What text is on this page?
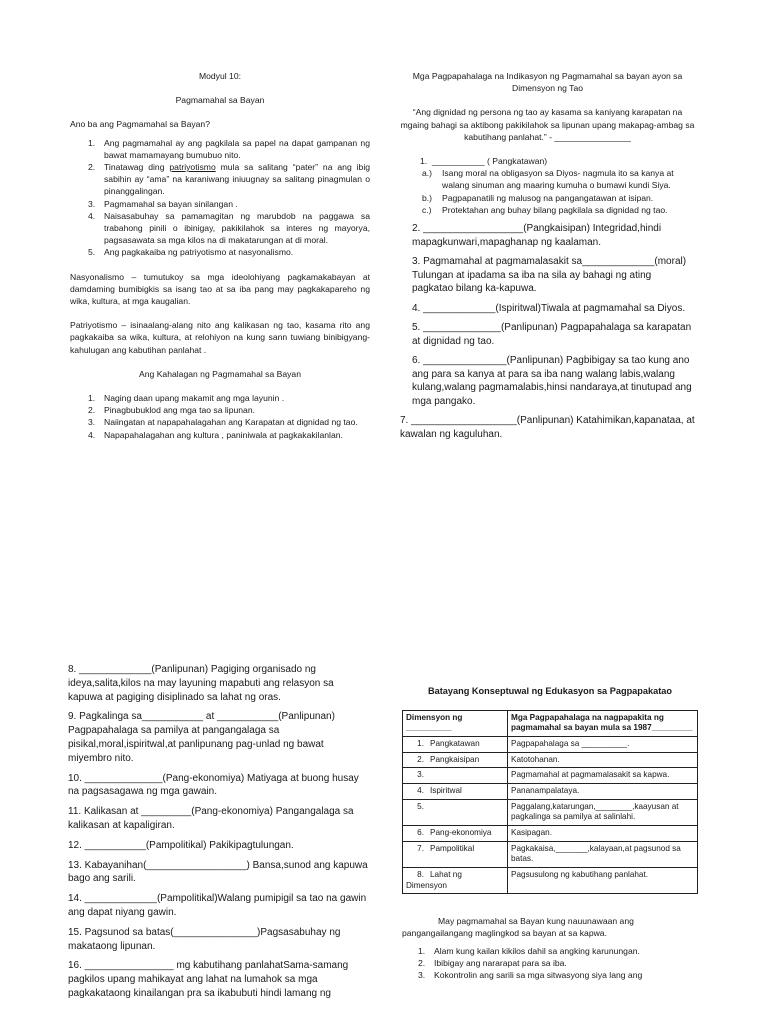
Modyul 10:

Pagmamahal sa Bayan

Ano ba ang Pagmamahal sa Bayan?

1. Ang pagmamahal ay ang pagkilala sa papel na dapat gampanan ng bawat mamamayang bumubuo nito.
2. Tinatawag ding patriyotismo mula sa salitang “pater” na ang ibig sabihin ay “ama” na karaniwang iniuugnay sa salitang pinagmulan o pinanggalingan.
3. Pagmamahal sa bayan sinilangan .
4. Naisasabuhay sa pamamagitan ng marubdob na paggawa sa trabahong pinili o ibinigay, pakikilahok sa interes ng mayorya, pagsasawata sa mga kilos na di makatarungan at di moral.
5. Ang pagkakaiba ng patriyotismo at nasyonalismo.

Nasyonalismo – tumutukoy sa mga ideolohiyang pagkamakabayan at damdaming bumibigkis sa isang tao at sa iba pang may pagkakapareho ng wika, kultura, at mga kaugalian.

Patriyotismo – isinaalang-alang nito ang kalikasan ng tao, kasama rito ang pagkakaiba sa wika, kultura, at relohiyon na kung sann tuwiang binibigyang-kahulugan ang kabutihan panlahat .

Ang Kahalagan ng Pagmamahal sa Bayan

1. Naging daan upang makamit ang mga layunin .
2. Pinagbubuklod ang mga tao sa lipunan.
3. Naiingatan at napapahalagahan ang Karapatan at dignidad ng tao.
4. Napapahalagahan ang kultura , paniniwala at pagkakakilanlan.

Mga Pagpapahalaga na Indikasyon ng Pagmamahal sa bayan ayon sa Dimensyon ng Tao

“Ang dignidad ng persona ng tao ay kasama sa kaniyang karapatan na mgaing bahagi sa aktibong pakikilahok sa lipunan upang makapag-ambag sa kabutihang panlahat.” - ________________

1. ___________ ( Pangkatawan)
a.) Isang moral na obligasyon sa Diyos- nagmula ito sa kanya at walang sinuman ang maaring kumuha o bumawi kundi Siya.
b.) Pagpapanatili ng malusog na pangangatawan at isipan.
c.) Protektahan ang buhay bilang pagkilala sa dignidad ng tao.

2. __________________(Pangkaisipan) Integridad,hindi mapagkunwari,mapaghanap ng kaalaman.

3. Pagmamahal at pagmamalasakit sa_____________(moral) Tulungan at ipadama sa iba na sila ay bahagi ng ating pagkatao bilang ka-kapuwa.

4. _____________(Ispiritwal)Tiwala at pagmamahal sa Diyos.

5. ______________(Panlipunan) Pagpapahalaga sa karapatan at dignidad ng tao.

6. _______________(Panlipunan) Pagbibigay sa tao kung ano ang para sa kanya at para sa iba nang walang labis,walang kulang,walang pagmamalabis,hinsi nandaraya,at tinutupad ang mga pangako.

7. ___________________(Panlipunan) Katahimikan,kapanataa, at kawalan ng kaguluhan.

8. _____________(Panlipunan) Pagiging organisado ng ideya,salita,kilos na may layuning mapabuti ang relasyon sa kapuwa at pagiging disiplinado sa lahat ng oras.

9. Pagkalinga sa___________ at ___________(Panlipunan) Pagpapahalaga sa pamilya at pangangalaga sa pisikal,moral,ispiritwal,at panlipunang pag-unlad ng bawat miyembro nito.

10. ______________(Pang-ekonomiya) Matiyaga at buong husay na pagsasagawa ng mga gawain.

11. Kalikasan at _________(Pang-ekonomiya) Pangangalaga sa kalikasan at kapaligiran.

12. ___________(Pampolitikal) Pakikipagtulungan.

13. Kabayanihan(__________________) Bansa,sunod ang kapuwa bago ang sarili.

14. _____________(Pampolitikal)Walang pumipigil sa tao na gawin ang dapat niyang gawin.

15. Pagsunod sa batas(_______________)Pagsasabuhay ng makataong lipunan.

16. ________________ mg kabutihang panlahatSama-samang pagkilos upang mahikayat ang lahat na lumahok sa mga pagkakataong kinailangan pra sa ikabubuti hindi lamang ng

Batayang Konseptuwal ng Edukasyon sa Pagpapakatao

Dimensyon ng __________	Mga Pagpapahalaga na nagpapakita ng pagmamahal sa bayan mula sa 1987_________
1. Pangkatawan	Pagpapahalaga sa __________.
2. Pangkaisipan	Katotohanan.
3.	Pagmamahal at pagmamalasakit sa kapwa.
4. Ispiritwal	Pananampalataya.
5.	Paggalang,katarungan,________,kaayusan at pagkalinga sa pamilya at salinlahi.
6. Pang-ekonomiya	Kasipagan.
7. Pampolitikal	Pagkakaisa,_______,kalayaan,at pagsunod sa batas.
8. Lahat ng Dimensyon	Pagsusulong ng kabutihang panlahat.

May pagmamahal sa Bayan kung nauunawaan ang pangangailangang maglingkod sa bayan at sa kapwa.

1. Alam kung kailan kikilos dahil sa angking karunungan.
2. Ibibigay ang nararapat para sa iba.
3. Kokontrolin ang sarili sa mga sitwasyong siya lang ang
